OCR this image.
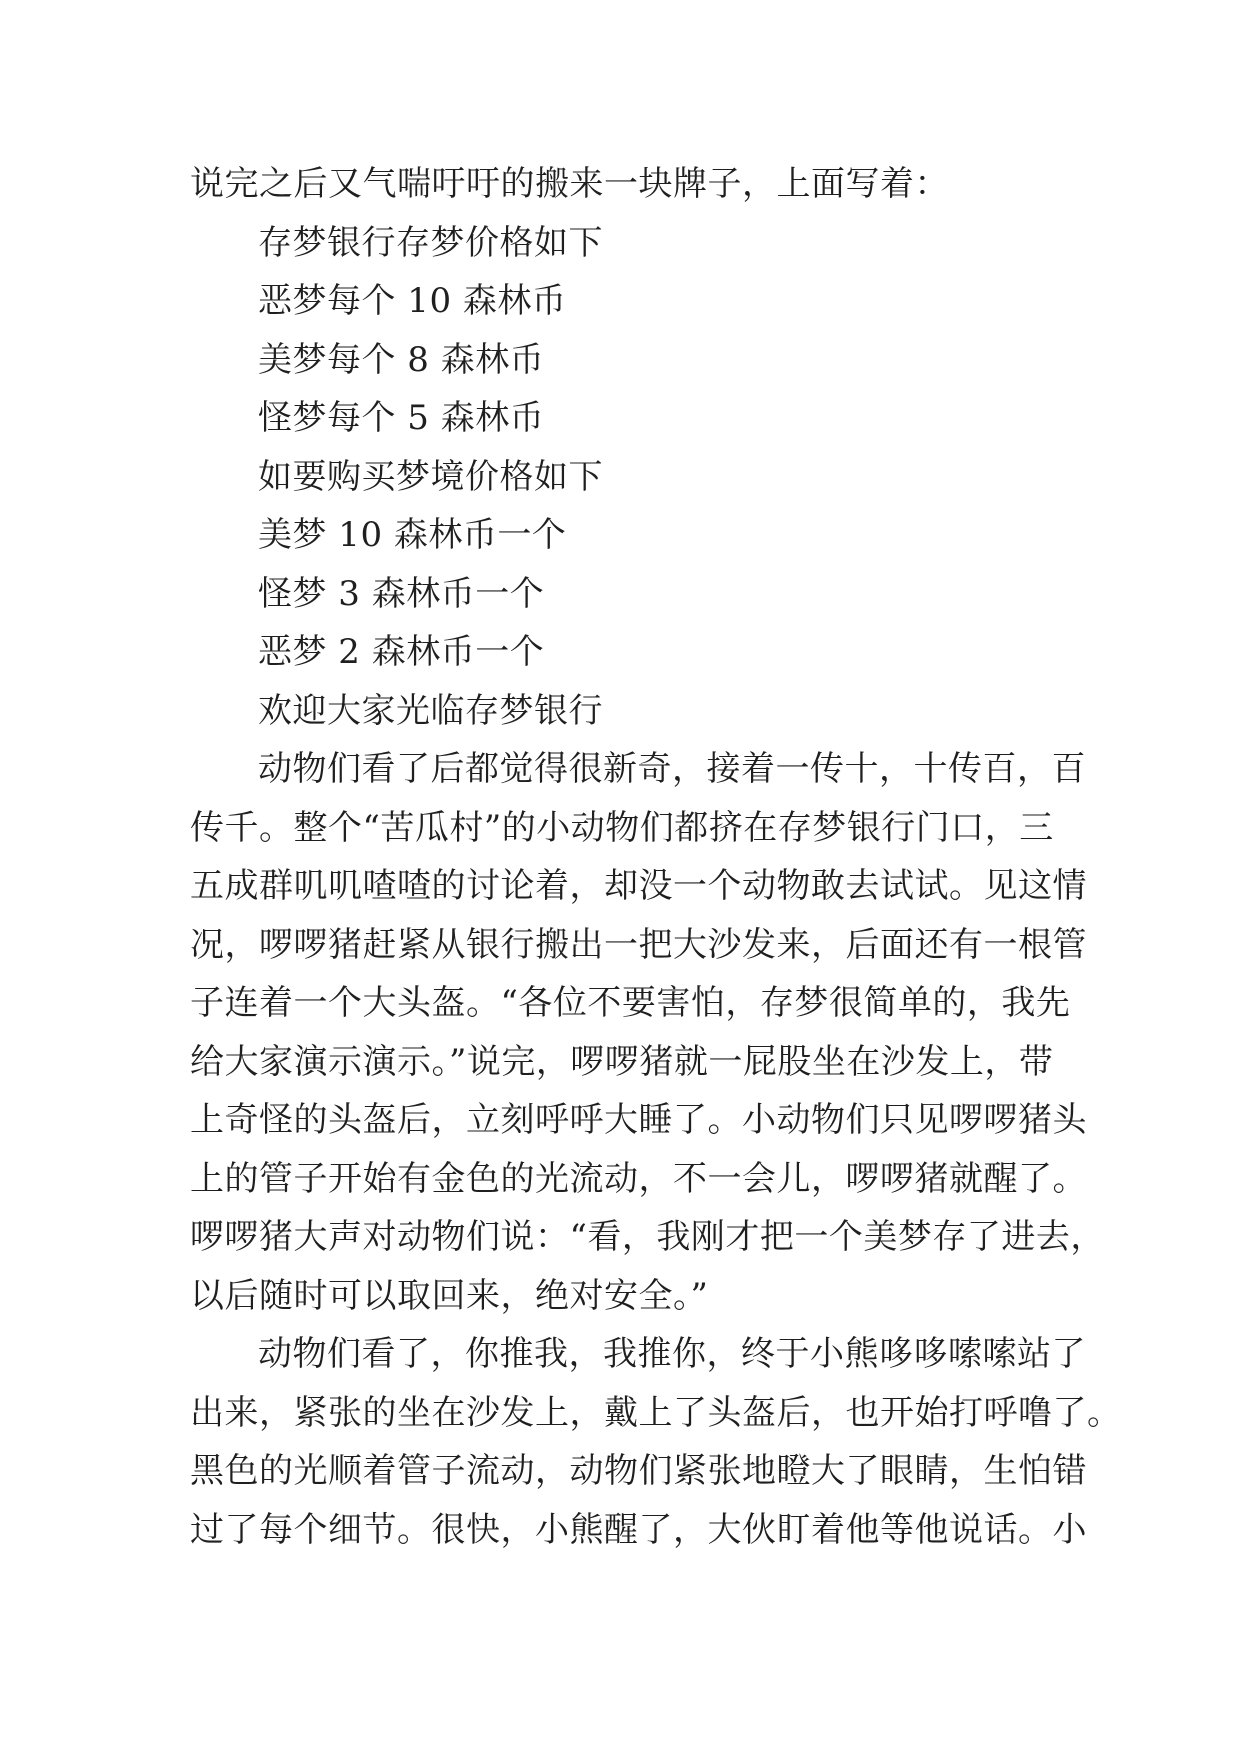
说完之后又气喘吁吁的搬来一块牌子，上面写着：
存梦银行存梦价格如下
恶梦每个 10 森林币
美梦每个 8 森林币
怪梦每个 5 森林币
如要购买梦境价格如下
美梦 10 森林币一个
怪梦 3 森林币一个
恶梦 2 森林币一个
欢迎大家光临存梦银行
动物们看了后都觉得很新奇，接着一传十，十传百，百
传千。整个“苦瓜村”的小动物们都挤在存梦银行门口，三
五成群叽叽喳喳的讨论着，却没一个动物敢去试试。见这情
况，啰啰猪赶紧从银行搬出一把大沙发来，后面还有一根管
子连着一个大头盔。“各位不要害怕，存梦很简单的，我先
给大家演示演示。”说完，啰啰猪就一屁股坐在沙发上，带
上奇怪的头盔后，立刻呼呼大睡了。小动物们只见啰啰猪头
上的管子开始有金色的光流动，不一会儿，啰啰猪就醒了。
啰啰猪大声对动物们说：“看，我刚才把一个美梦存了进去，
以后随时可以取回来，绝对安全。”
动物们看了，你推我，我推你，终于小熊哆哆嗦嗦站了
出来，紧张的坐在沙发上，戴上了头盔后，也开始打呼噜了。
黑色的光顺着管子流动，动物们紧张地瞪大了眼睛，生怕错
过了每个细节。很快，小熊醒了，大伙盯着他等他说话。小
